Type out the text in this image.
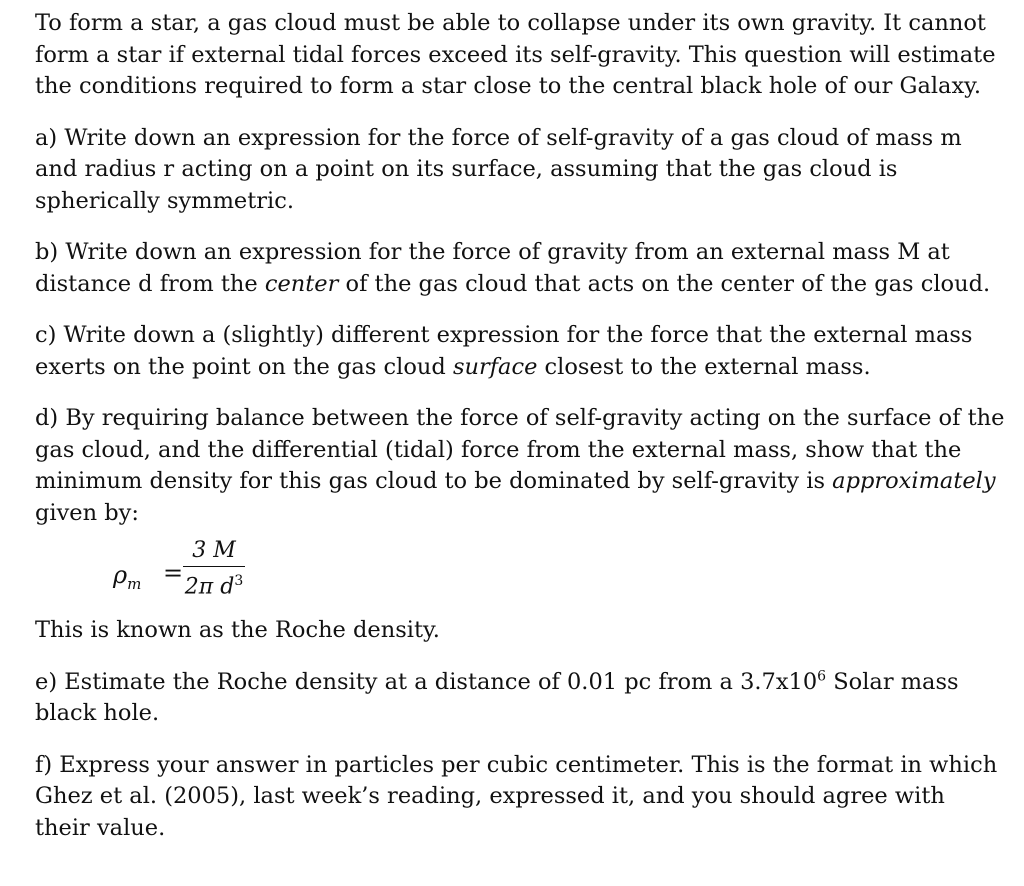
To form a star, a gas cloud must be able to collapse under its own gravity. It cannot form a star if external tidal forces exceed its self-gravity. This question will estimate the conditions required to form a star close to the central black hole of our Galaxy.

a) Write down an expression for the force of self-gravity of a gas cloud of mass m and radius r acting on a point on its surface, assuming that the gas cloud is spherically symmetric.

b) Write down an expression for the force of gravity from an external mass M at distance d from the center of the gas cloud that acts on the center of the gas cloud.

c) Write down a (slightly) different expression for the force that the external mass exerts on the point on the gas cloud surface closest to the external mass.

d) By requiring balance between the force of self-gravity acting on the surface of the gas cloud, and the differential (tidal) force from the external mass, show that the minimum density for this gas cloud to be dominated by self-gravity is approximately given by:

$\rho_m$ =
3 M
2π $d^3$

This is known as the Roche density.

e) Estimate the Roche density at a distance of 0.01 pc from a $3.7x10^6$ Solar mass black hole.

f) Express your answer in particles per cubic centimeter. This is the format in which Ghez et al. (2005), last week’s reading, expressed it, and you should agree with their value.
